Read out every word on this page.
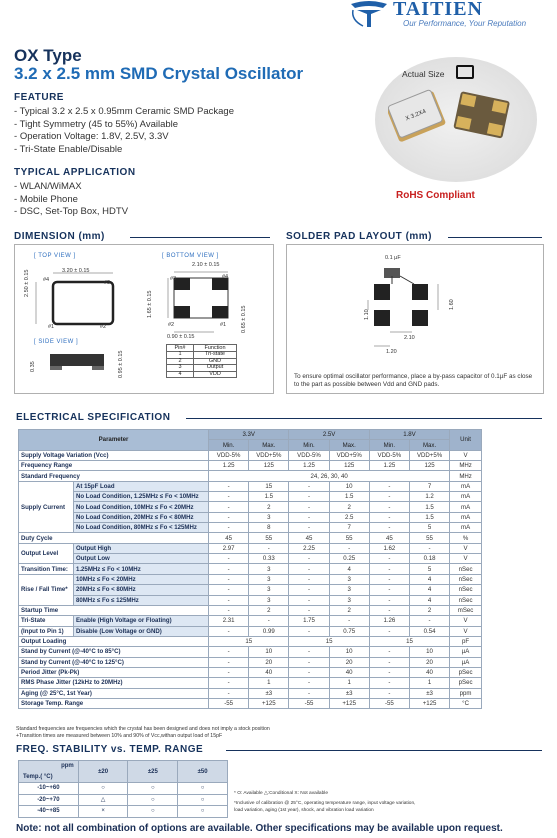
TAITIEN
Our Performance, Your Reputation
OX Type
3.2 x 2.5 mm SMD Crystal Oscillator	Actual Size
X 3.2X4
RoHS Compliant
FEATURE
- Typical 3.2 x 2.5 x 0.95mm Ceramic SMD Package
- Tight Symmetry (45 to 55%) Available
- Operation Voltage: 1.8V, 2.5V, 3.3V
- Tri-State Enable/Disable
TYPICAL APPLICATION
- WLAN/WiMAX
- Mobile Phone
- DSC, Set-Top Box, HDTV
DIMENSION (mm)
[ TOP VIEW ]	[ BOTTOM VIEW ]
[ SIDE VIEW ]
3.20 ± 0.15
2.50 ± 0.15 #4	#3
#1	#2
0.35	0.95 ± 0.15
2.10 ± 0.15
#3	#4
#2	#1
1.65 ± 0.15
0.65 ± 0.15
0.90 ± 0.15
Pin#	Function
1	Tri-state
2	GND
3	Output
4	VDD
SOLDER PAD LAYOUT (mm)
0.1 µF
1.60
1.10
2.10
1.20
To ensure optimal oscillator performance, place a by-pass capacitor of 0.1µF as close to the part as possible between Vdd and GND pads.
ELECTRICAL SPECIFICATION
Parameter		3.3V		2.5V		1.8V		Unit
		Min.	Max.	Min.	Max.	Min.	Max.	
Supply Voltage Variation (Vcc)		VDD-5%	VDD+5%	VDD-5%	VDD+5%	VDD-5%	VDD+5%	V
Frequency Range		1.25	125	1.25	125	1.25	125	MHz
Standard Frequency		24, 26, 30, 40						MHz
Supply Current	At 15pF Load	-	15	-	10	-	7	mA
	No Load Condition, 1.25MHz ≤ Fo < 10MHz	-	1.5	-	1.5	-	1.2	mA
	No Load Condition, 10MHz ≤ Fo < 20MHz	-	2	-	2	-	1.5	mA
	No Load Condition, 20MHz ≤ Fo < 80MHz	-	3	-	2.5	-	1.5	mA
	No Load Condition, 80MHz ≤ Fo < 125MHz	-	8	-	7	-	5	mA
Duty Cycle		45	55	45	55	45	55	%
Output Level	Output High	2.97	-	2.25	-	1.62	-	V
	Output Low	-	0.33	-	0.25	-	0.18	V
Transition Time:	1.25MHz ≤ Fo < 10MHz	-	3	-	4	-	5	nSec
Rise / Fall Time*	10MHz ≤ Fo < 20MHz	-	3	-	3	-	4	nSec
	20MHz ≤ Fo < 80MHz	-	3	-	3	-	4	nSec
	80MHz ≤ Fo ≤ 125MHz	-	3	-	3	-	4	nSec
Startup Time		-	2	-	2	-	2	mSec
Tri-State	Enable (High Voltage or Floating)	2.31	-	1.75	-	1.26	-	V
(Input to Pin 1)	Disable (Low Voltage or GND)	-	0.99	-	0.75	-	0.54	V
Output Loading		15		15		15		pF
Stand by Current (@-40°C to 85°C)		-	10	-	10	-	10	µA
Stand by Current (@-40°C to 125°C)		-	20	-	20	-	20	µA
Period Jitter (Pk-Pk)		-	40	-	40	-	40	pSec
RMS Phase Jitter (12kHz to 20MHz)		-	1	-	1	-	1	pSec
Aging (@ 25°C, 1st Year)		-	±3	-	±3	-	±3	ppm
Storage Temp. Range		-55	+125	-55	+125	-55	+125	°C
Standard frequencies are frequencies which the crystal has been designed and does not imply a stock position
+Transition times are measured between 10% and 90% of Vcc,withan output load of 15pF
FREQ. STABILITY vs. TEMP. RANGE
ppm
Temp.( °C)	±20	±25	±50
-10~+60	○	○	○
-20~+70	△	○	○
-40~+85	×	○	○
* O: Available △:Conditional X: Not available
*Inclusive of calibration @ 25°C, operating temperature range, input voltage variation,
load variation, aging (1st year), shock, and vibration load variation
Note: not all combination of options are available. Other specifications may be available upon request.
